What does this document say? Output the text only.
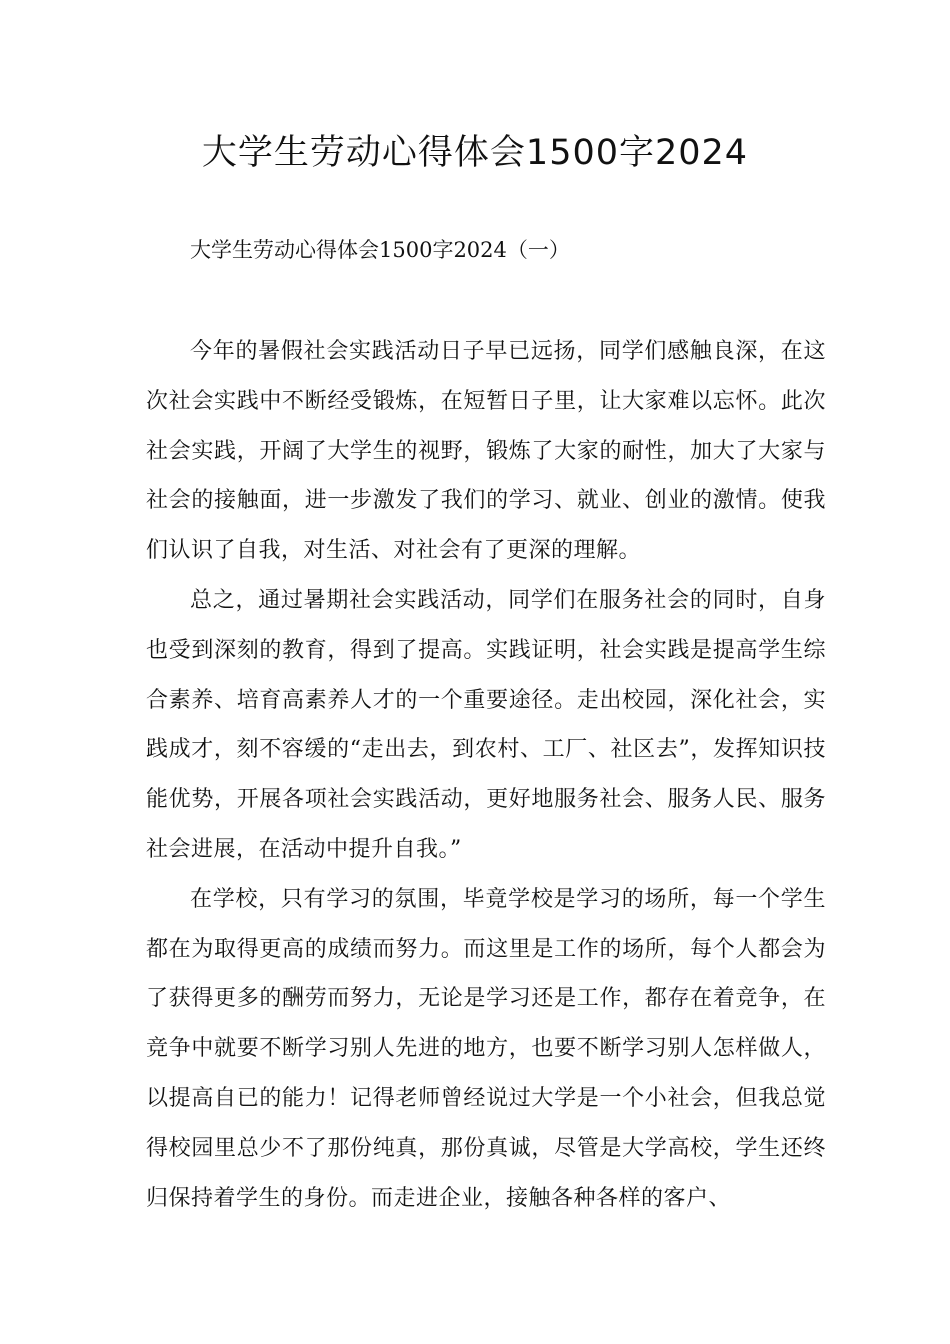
大学生劳动心得体会1500字2024

大学生劳动心得体会1500字2024（一）

今年的暑假社会实践活动日子早已远扬，同学们感触良深，在这次社会实践中不断经受锻炼，在短暂日子里，让大家难以忘怀。此次社会实践，开阔了大学生的视野，锻炼了大家的耐性，加大了大家与社会的接触面，进一步激发了我们的学习、就业、创业的激情。使我们认识了自我，对生活、对社会有了更深的理解。

总之，通过暑期社会实践活动，同学们在服务社会的同时，自身也受到深刻的教育，得到了提高。实践证明，社会实践是提高学生综合素养、培育高素养人才的一个重要途径。走出校园，深化社会，实践成才，刻不容缓的“走出去，到农村、工厂、社区去”，发挥知识技能优势，开展各项社会实践活动，更好地服务社会、服务人民、服务社会进展，在活动中提升自我。”

在学校，只有学习的氛围，毕竟学校是学习的场所，每一个学生都在为取得更高的成绩而努力。而这里是工作的场所，每个人都会为了获得更多的酬劳而努力，无论是学习还是工作，都存在着竞争，在竞争中就要不断学习别人先进的地方，也要不断学习别人怎样做人，以提高自已的能力！记得老师曾经说过大学是一个小社会，但我总觉得校园里总少不了那份纯真，那份真诚，尽管是大学高校，学生还终归保持着学生的身份。而走进企业，接触各种各样的客户、
